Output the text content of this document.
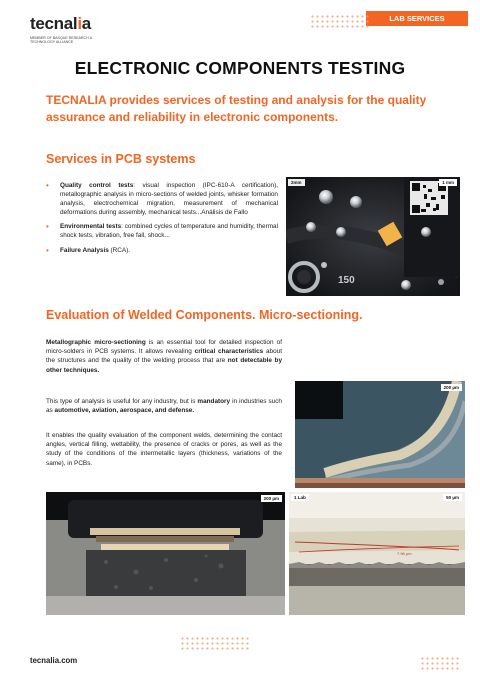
tecnalia
MEMBER OF BASQUE RESEARCH & TECHNOLOGY ALLIANCE
LAB SERVICES
ELECTRONIC COMPONENTS TESTING
TECNALIA provides services of testing and analysis for the quality assurance and reliability in electronic components.
Services in PCB systems
• Quality control tests: visual inspection (IPC-610-A certification), metallographic analysis in micro-sections of welded joints, whisker formation analysis, electrochemical migration, measurement of mechanical deformations during assembly, mechanical tests...Análisis de Fallo
• Environmental tests: combined cycles of temperature and humidity, thermal shock tests, vibration, free fall, shock...
• Failure Analysis (RCA).
2mm	1 mm
150
Evaluation of Welded Components. Micro-sectioning.

Metallographic micro-sectioning is an essential tool for detailed inspection of micro-solders in PCB systems. It allows revealing critical characteristics about the structures and the quality of the welding process that are not detectable by other techniques.

This type of analysis is useful for any industry, but is mandatory in industries such as automotive, aviation, aerospace, and defense.

It enables the quality evaluation of the component welds, determining the contact angles, vertical filling, wettability, the presence of cracks or pores, as well as the study of the conditions of the intermetallic layers (thickness, variations of the same), in PCBs.

200 µm
200 µm	1 Lab	50 µm
7.96 µm
tecnalia.com
